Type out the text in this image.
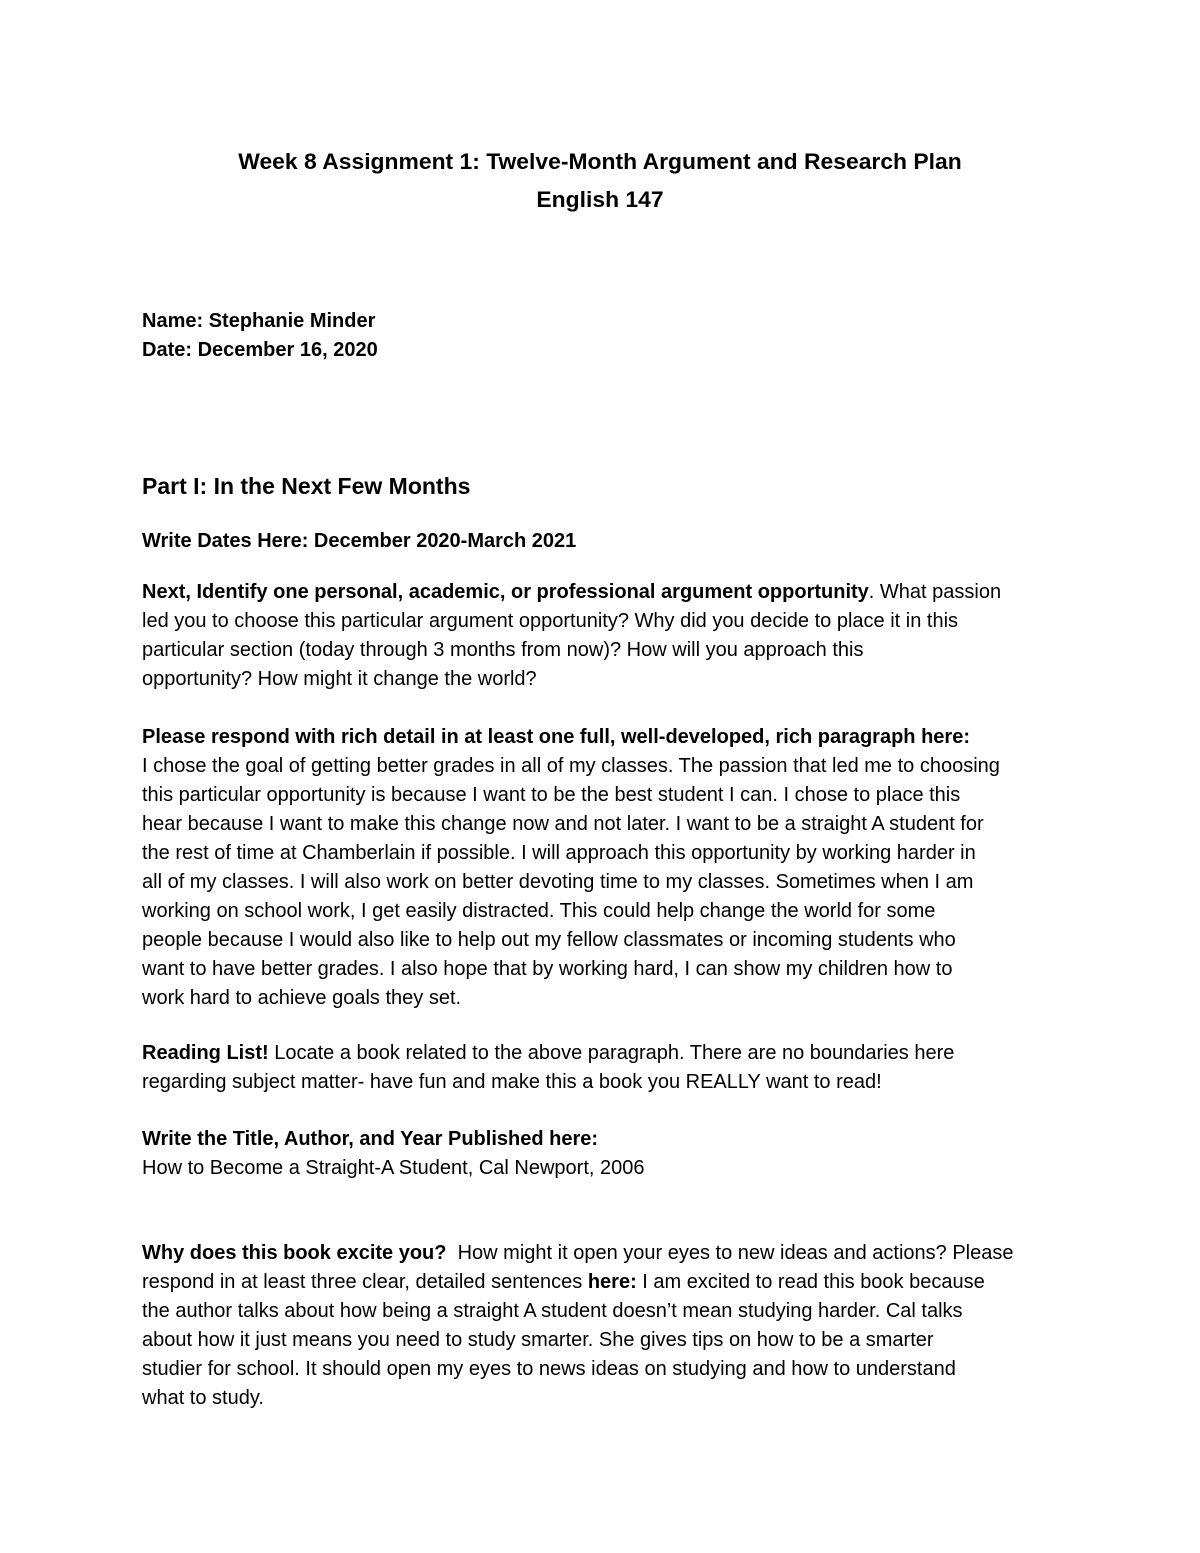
Week 8 Assignment 1: Twelve-Month Argument and Research Plan
English 147
Name: Stephanie Minder
Date: December 16, 2020
Part I: In the Next Few Months
Write Dates Here: December 2020-March 2021
Next, Identify one personal, academic, or professional argument opportunity. What passion
led you to choose this particular argument opportunity? Why did you decide to place it in this
particular section (today through 3 months from now)? How will you approach this
opportunity? How might it change the world?
Please respond with rich detail in at least one full, well-developed, rich paragraph here:
I chose the goal of getting better grades in all of my classes. The passion that led me to choosing
this particular opportunity is because I want to be the best student I can. I chose to place this
hear because I want to make this change now and not later. I want to be a straight A student for
the rest of time at Chamberlain if possible. I will approach this opportunity by working harder in
all of my classes. I will also work on better devoting time to my classes. Sometimes when I am
working on school work, I get easily distracted. This could help change the world for some
people because I would also like to help out my fellow classmates or incoming students who
want to have better grades. I also hope that by working hard, I can show my children how to
work hard to achieve goals they set.
Reading List! Locate a book related to the above paragraph. There are no boundaries here
regarding subject matter- have fun and make this a book you REALLY want to read!
Write the Title, Author, and Year Published here:
How to Become a Straight-A Student, Cal Newport, 2006
Why does this book excite you?  How might it open your eyes to new ideas and actions? Please
respond in at least three clear, detailed sentences here: I am excited to read this book because
the author talks about how being a straight A student doesn’t mean studying harder. Cal talks
about how it just means you need to study smarter. She gives tips on how to be a smarter
studier for school. It should open my eyes to news ideas on studying and how to understand
what to study.
